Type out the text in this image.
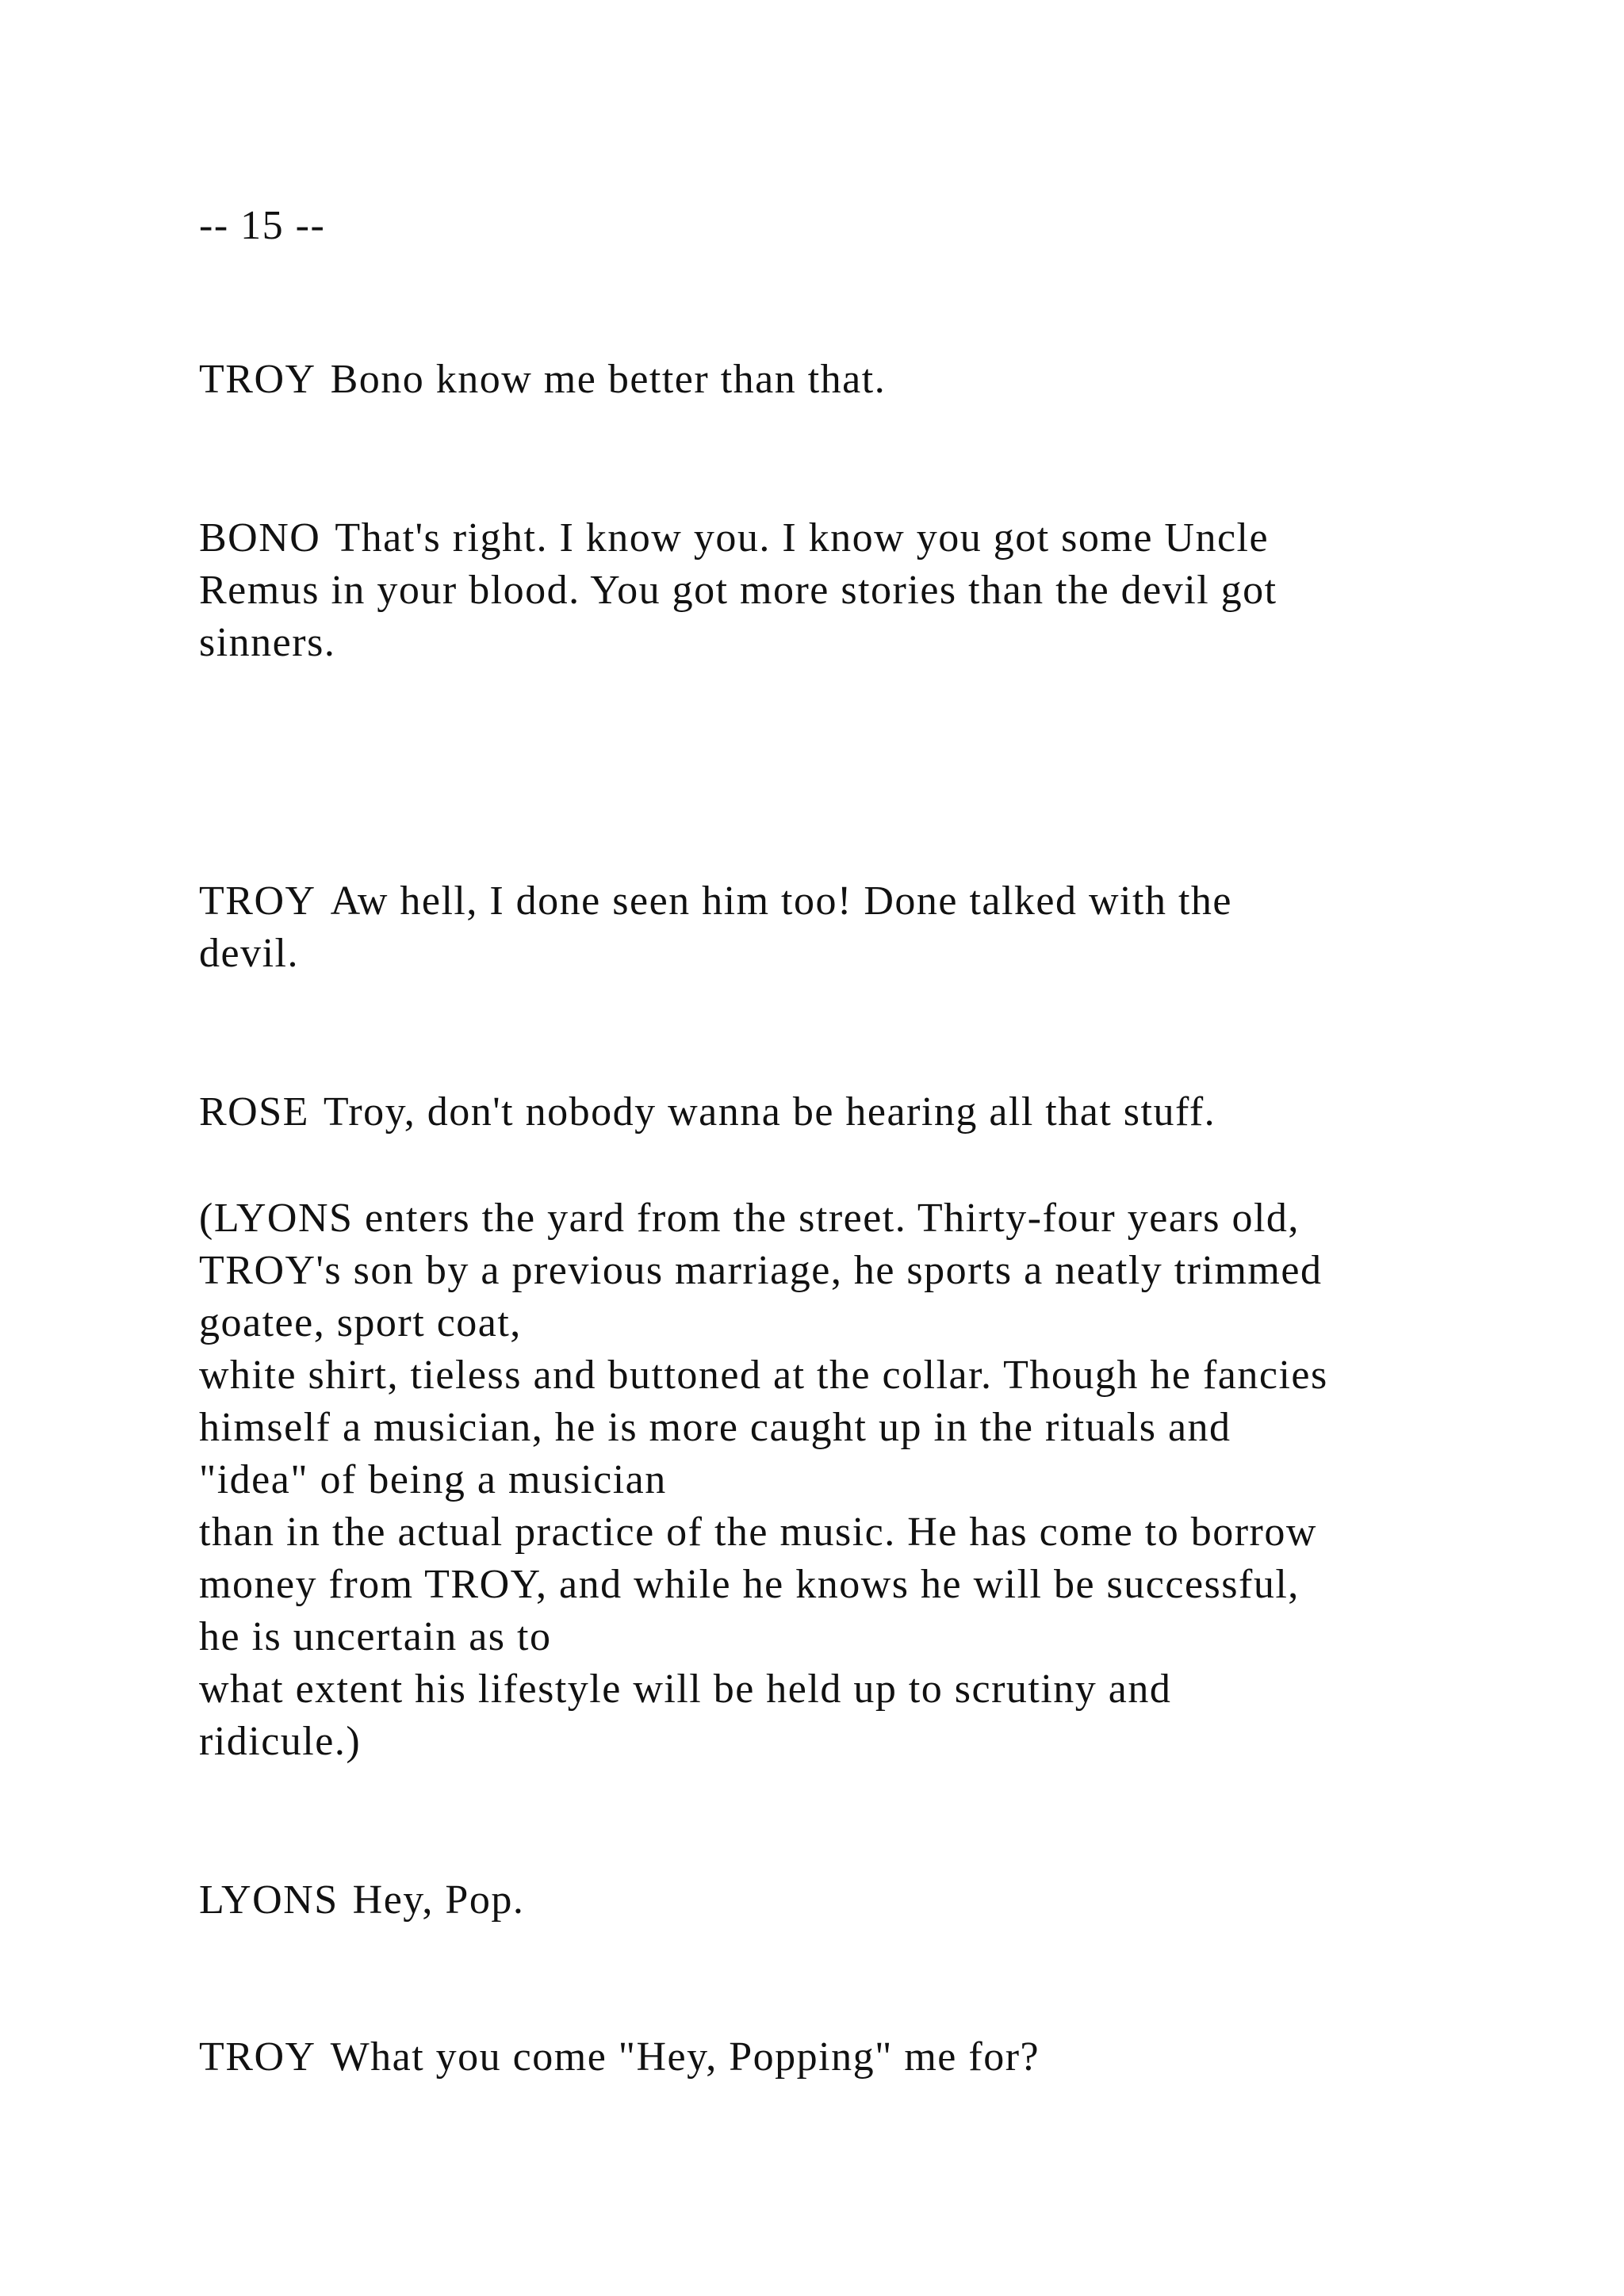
-- 15 --

TROY Bono know me better than that.

BONO That's right. I know you. I know you got some Uncle

Remus in your blood. You got more stories than the devil got

sinners.

TROY Aw hell, I done seen him too! Done talked with the

devil.

ROSE Troy, don't nobody wanna be hearing all that stuff.

(LYONS enters the yard from the street. Thirty-four years old,

TROY's son by a previous marriage, he sports a neatly trimmed

goatee, sport coat,

white shirt, tieless and buttoned at the collar. Though he fancies

himself a musician, he is more caught up in the rituals and

"idea" of being a musician

than in the actual practice of the music. He has come to borrow

money from TROY, and while he knows he will be successful,

he is uncertain as to

what extent his lifestyle will be held up to scrutiny and

ridicule.)

LYONS Hey, Pop.

TROY What you come "Hey, Popping" me for?
